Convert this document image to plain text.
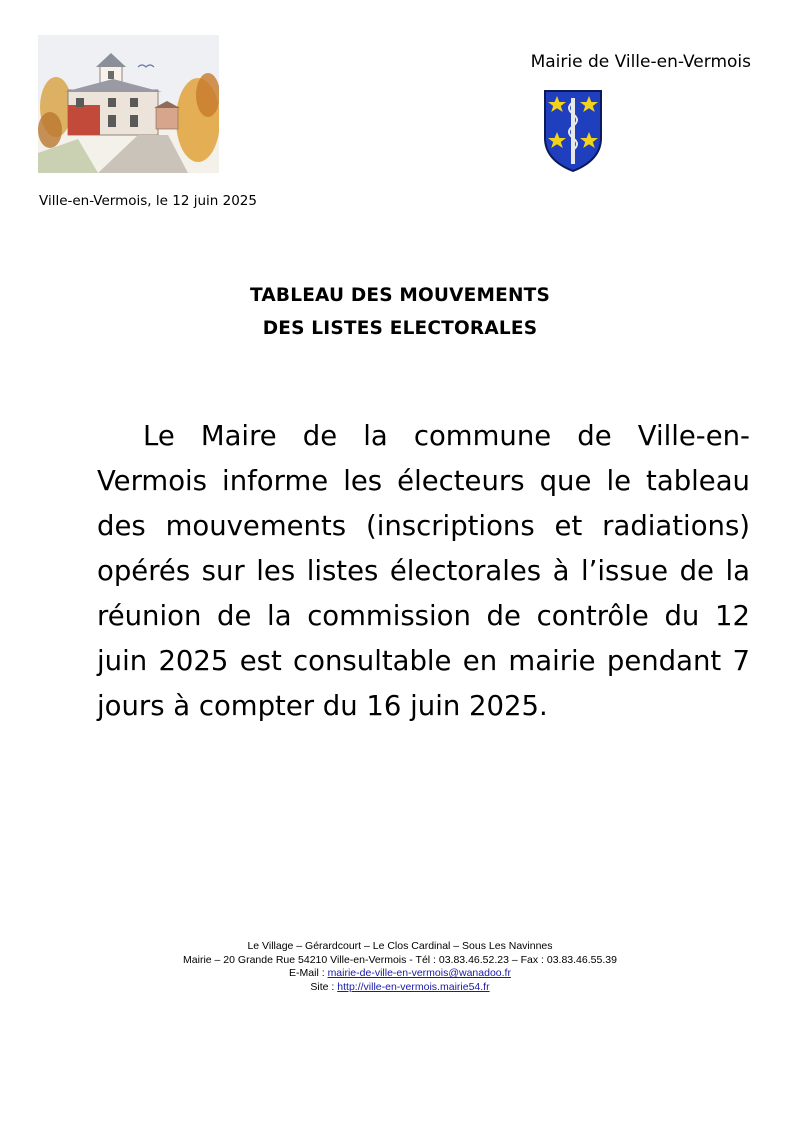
Mairie de Ville-en-Vermois
Ville-en-Vermois, le 12 juin 2025
TABLEAU DES MOUVEMENTS
DES LISTES ELECTORALES
Le Maire de la commune de Ville-en-Vermois informe les électeurs que le tableau des mouvements (inscriptions et radiations) opérés sur les listes électorales à l’issue de la réunion de la commission de contrôle du 12 juin 2025 est consultable en mairie pendant 7 jours à compter du 16 juin 2025.
Le Village – Gérardcourt – Le Clos Cardinal – Sous Les Navinnes
Mairie – 20 Grande Rue 54210 Ville-en-Vermois - Tél : 03.83.46.52.23 – Fax : 03.83.46.55.39
E-Mail : mairie-de-ville-en-vermois@wanadoo.fr
Site : http://ville-en-vermois.mairie54.fr
